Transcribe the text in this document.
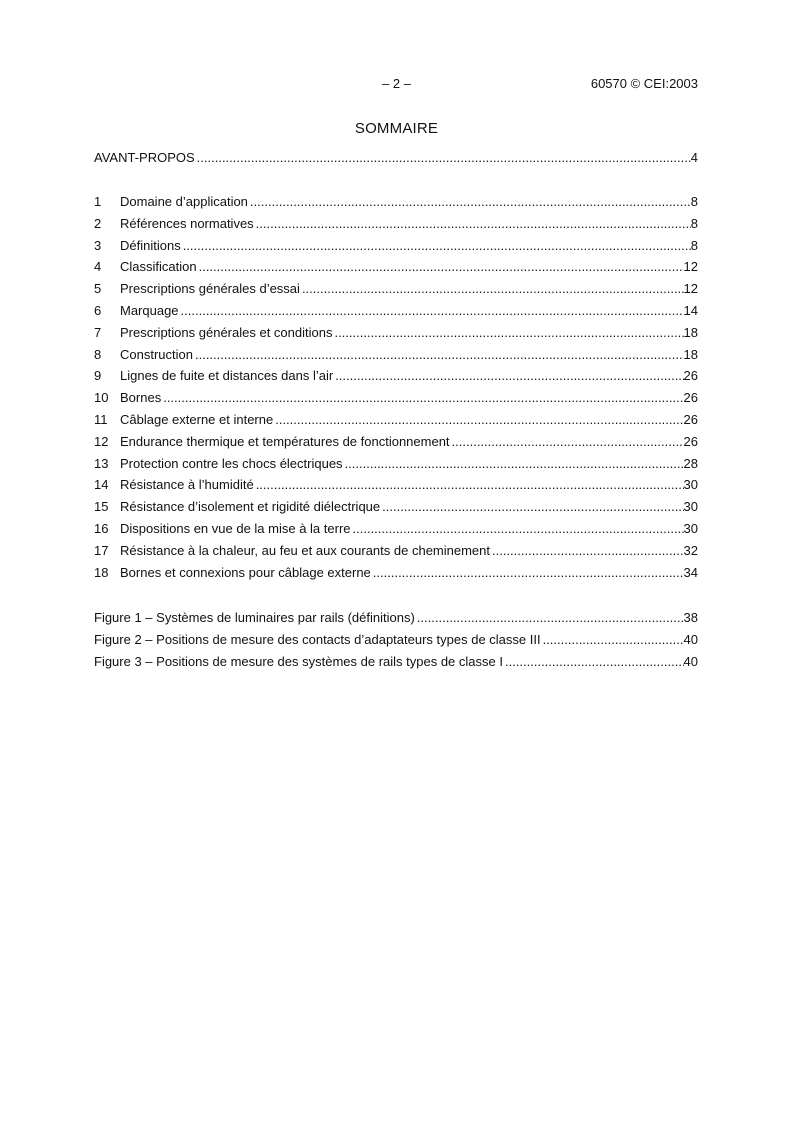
– 2 –	60570 © CEI:2003
SOMMAIRE
AVANT-PROPOS .....	4
1	Domaine d’application .....	8
2	Références normatives .....	8
3	Définitions .....	8
4	Classification .....	12
5	Prescriptions générales d’essai .....	12
6	Marquage .....	14
7	Prescriptions générales et conditions .....	18
8	Construction .....	18
9	Lignes de fuite et distances dans l’air .....	26
10 Bornes .....	26
11 Câblage externe et interne .....	26
12 Endurance thermique et températures de fonctionnement .....	26
13 Protection contre les chocs électriques .....	28
14 Résistance à l’humidité .....	30
15 Résistance d’isolement et rigidité diélectrique .....	30
16 Dispositions en vue de la mise à la terre .....	30
17 Résistance à la chaleur, au feu et aux courants de cheminement .....	32
18 Bornes et connexions pour câblage externe .....	34
Figure 1 – Systèmes de luminaires par rails (définitions) .....	38
Figure 2 – Positions de mesure des contacts d’adaptateurs types de classe III .....	40
Figure 3 – Positions de mesure des systèmes de rails types de classe I .....	40
